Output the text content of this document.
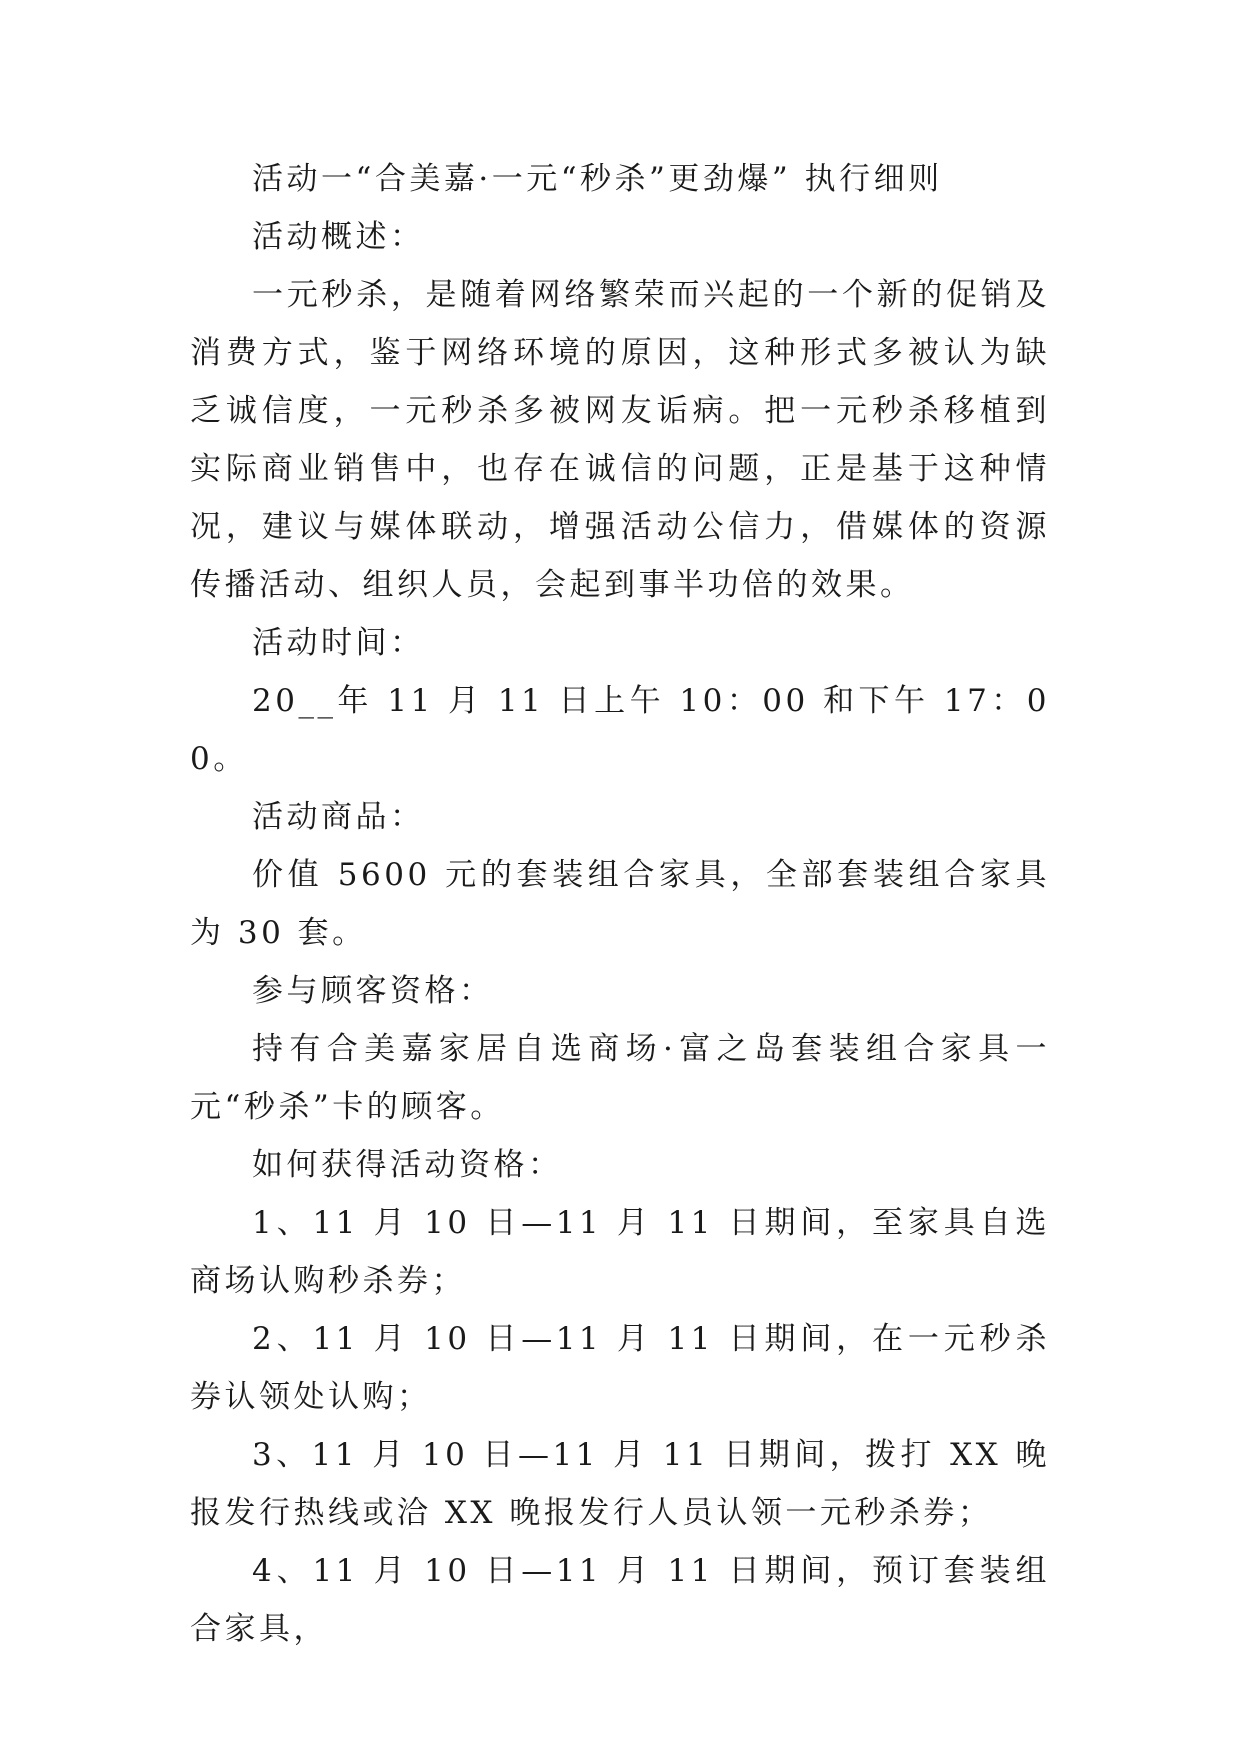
活动一“合美嘉·一元“秒杀”更劲爆” 执行细则

活动概述：

一元秒杀，是随着网络繁荣而兴起的一个新的促销及消费方式，鉴于网络环境的原因，这种形式多被认为缺乏诚信度，一元秒杀多被网友诟病。把一元秒杀移植到实际商业销售中，也存在诚信的问题，正是基于这种情况，建议与媒体联动，增强活动公信力，借媒体的资源传播活动、组织人员，会起到事半功倍的效果。

活动时间：

20__年 11 月 11 日上午 10：00 和下午 17：00。

活动商品：

价值 5600 元的套装组合家具，全部套装组合家具为 30 套。

参与顾客资格：

持有合美嘉家居自选商场·富之岛套装组合家具一元“秒杀”卡的顾客。

如何获得活动资格：

1、11 月 10 日—11 月 11 日期间，至家具自选商场认购秒杀券；

2、11 月 10 日—11 月 11 日期间，在一元秒杀券认领处认购；

3、11 月 10 日—11 月 11 日期间，拨打 XX 晚报发行热线或洽 XX 晚报发行人员认领一元秒杀券；

4、11 月 10 日—11 月 11 日期间，预订套装组合家具，
